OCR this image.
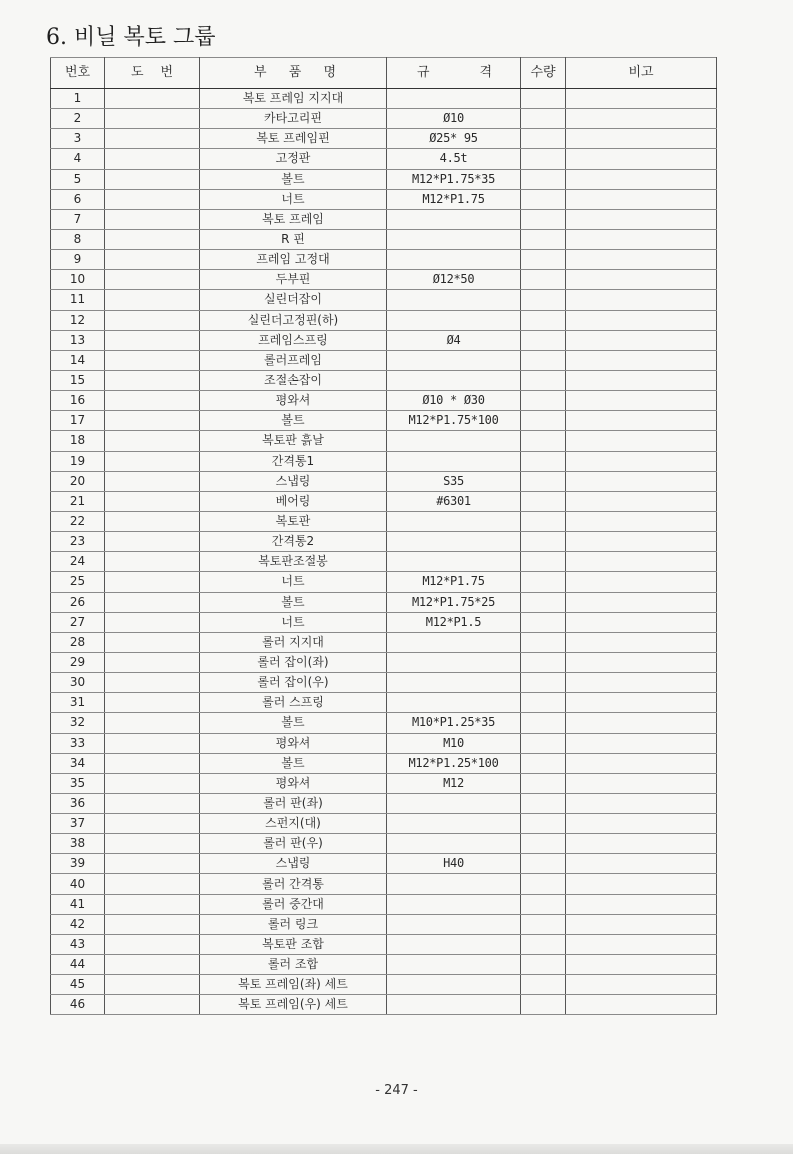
6. 비닐 복토 그룹
번호	도 번	부 품 명	규 격	수량	비고
1		복토 프레임 지지대			
2		카타고리핀	Ø10		
3		복토 프레임핀	Ø25* 95		
4		고정판	4.5t		
5		볼트	M12*P1.75*35		
6		너트	M12*P1.75		
7		복토 프레임			
8		R 핀			
9		프레임 고정대			
10		두부핀	Ø12*50		
11		실린더잡이			
12		실린더고정핀(하)			
13		프레임스프링	Ø4		
14		롤러프레임			
15		조절손잡이			
16		평와셔	Ø10 * Ø30		
17		볼트	M12*P1.75*100		
18		복토판 흙날			
19		간격통1			
20		스냅링	S35		
21		베어링	#6301		
22		복토판			
23		간격통2			
24		복토판조절봉			
25		너트	M12*P1.75		
26		볼트	M12*P1.75*25		
27		너트	M12*P1.5		
28		롤러 지지대			
29		롤러 잡이(좌)			
30		롤러 잡이(우)			
31		롤러 스프링			
32		볼트	M10*P1.25*35		
33		평와셔	M10		
34		볼트	M12*P1.25*100		
35		평와셔	M12		
36		롤러 판(좌)			
37		스펀지(대)			
38		롤러 판(우)			
39		스냅링	H40		
40		롤러 간격통			
41		롤러 중간대			
42		롤러 링크			
43		복토판 조합			
44		롤러 조합			
45		복토 프레임(좌) 세트			
46		복토 프레임(우) 세트			
- 247 -
